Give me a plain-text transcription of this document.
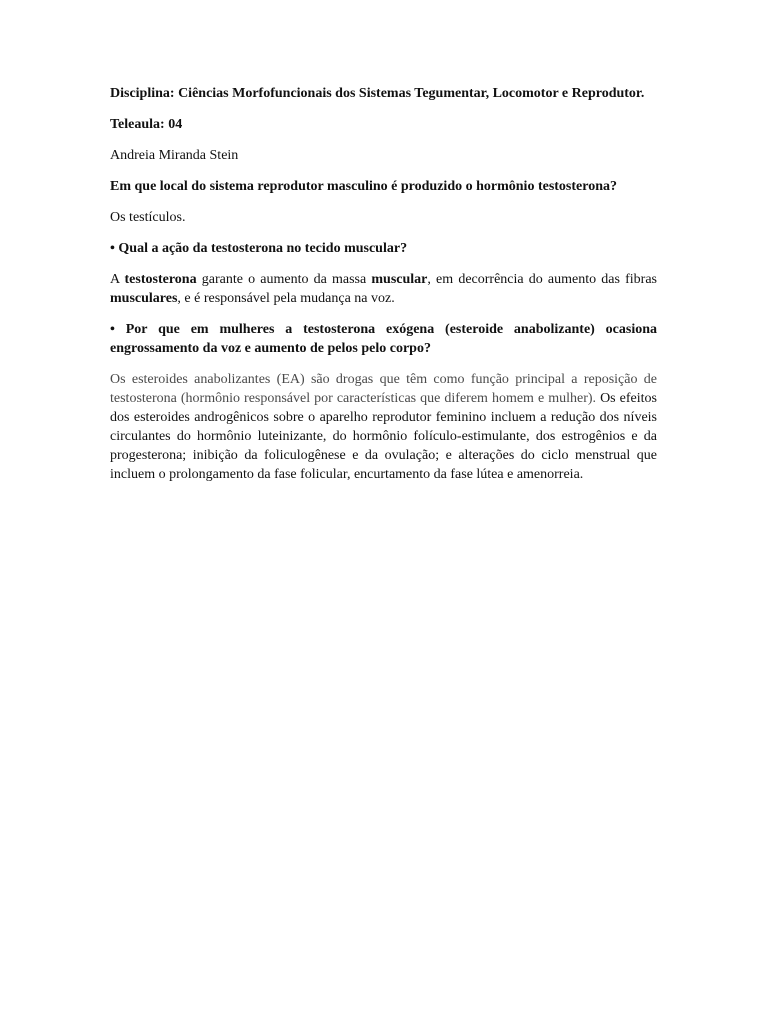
Disciplina: Ciências Morfofuncionais dos Sistemas Tegumentar, Locomotor e Reprodutor.

Teleaula: 04

Andreia Miranda Stein

Em que local do sistema reprodutor masculino é produzido o hormônio testosterona?

Os testículos.

• Qual a ação da testosterona no tecido muscular?

A testosterona garante o aumento da massa muscular, em decorrência do aumento das fibras musculares, e é responsável pela mudança na voz.

• Por que em mulheres a testosterona exógena (esteroide anabolizante) ocasiona engrossamento da voz e aumento de pelos pelo corpo?

Os esteroides anabolizantes (EA) são drogas que têm como função principal a reposição de testosterona (hormônio responsável por características que diferem homem e mulher). Os efeitos dos esteroides androgênicos sobre o aparelho reprodutor feminino incluem a redução dos níveis circulantes do hormônio luteinizante, do hormônio folículo-estimulante, dos estrogênios e da progesterona; inibição da foliculogênese e da ovulação; e alterações do ciclo menstrual que incluem o prolongamento da fase folicular, encurtamento da fase lútea e amenorreia.
